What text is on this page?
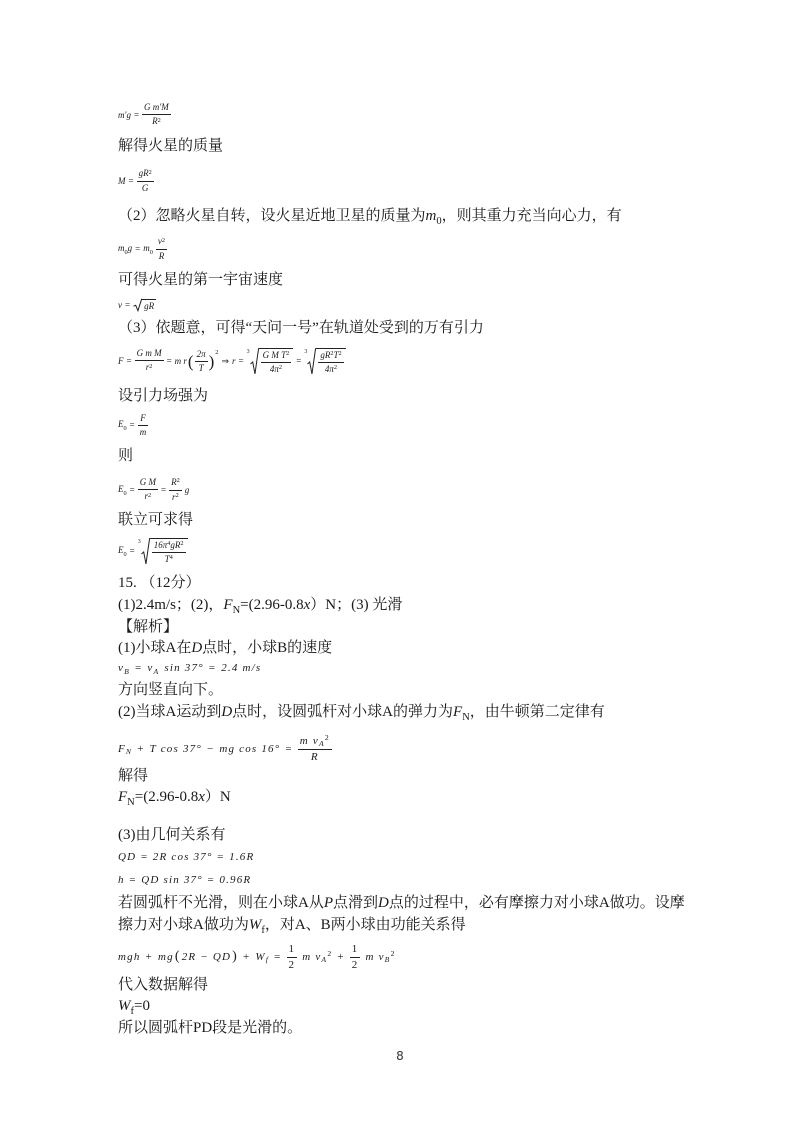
$m'g = \frac{\text{G m′M}}{R^2}$
解得火星的质量
$M = \frac{gR^2}{G}$
（2）忽略火星自转，设火星近地卫星的质量为$m_0$，则其重力充当向心力，有
$m_0g = m_0 \frac{v^2}{R}$
可得火星的第一宇宙速度
v = gR
（3）依题意，可得“天问一号”在轨道处受到的万有引力
$F = \frac{\text{G m M}}{r^2} = m$ r ( $\frac{2\pi}{T}$ ) 2
⇒ r =
$3 \frac{G M T^2}{4\pi^2}$ =
$3 \frac{gR^2T^2}{4\pi^2}$
设引力场强为
$E_0 = \frac{F}{m}$
则
$E_0 = \frac{\text{G M}}{r^2} = \frac{R^2}{r^2}$ g
联立可求得
$E_0$ =
$3 \frac{16\pi^4gR^2}{T^4}$
15. （12分）
(1)2.4m/s；(2)，$F_N=(2.96-0.8x)N$；(3) 光滑
【解析】
(1)小球A在D点时，小球B的速度
$v_B = v_A$ sin 37° = 2.4 m/s
方向竖直向下。
(2)当球A运动到D点时，设圆弧杆对小球A的弹力为$F_N$，由牛顿第二定律有
$F_N + T$ cos 37° − mg $\cos 16^\circ = \frac{m v_A^2}{R}$
解得
$F_N=(2.96-0.8x)N$
(3)由几何关系有
QD = 2R cos 37° = 1.6R
h = QD sin 37° = 0.96R
若圆弧杆不光滑，则在小球A从P点滑到D点的过程中，必有摩擦力对小球A做功。设摩
擦力对小球A做功为$W_f$，对A、B两小球由功能关系得
mgh + mg ( 2R − QD ) + $W_f = \frac{1}{2}$ m $v_A^2 + \frac{1}{2}$ m $v_B^2$
代入数据解得
$W_f=0$
所以圆弧杆PD段是光滑的。
8
